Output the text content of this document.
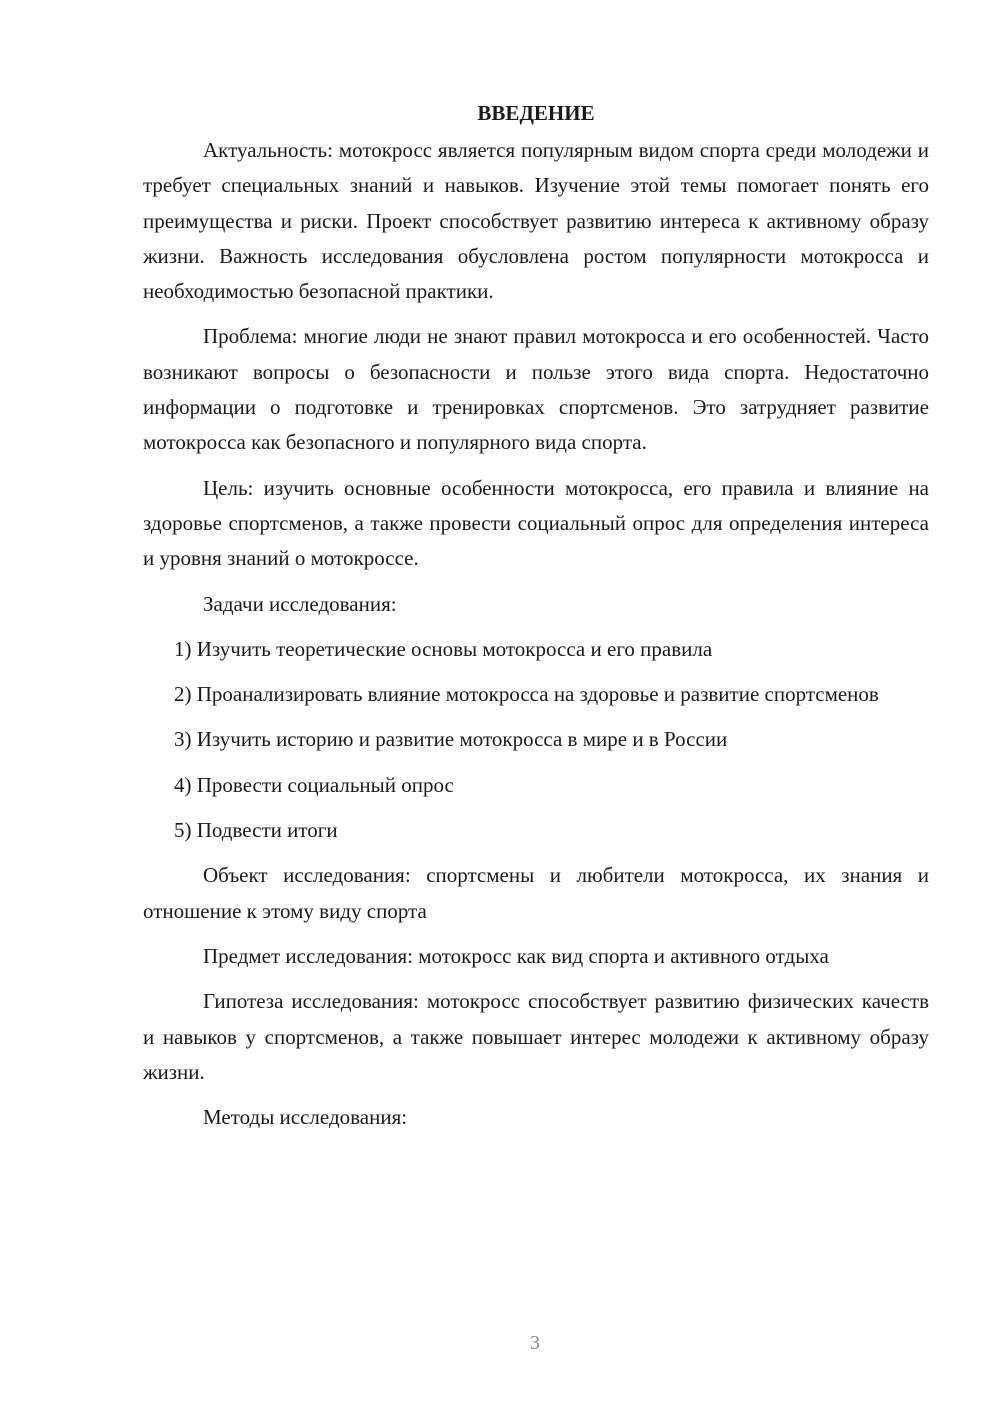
ВВЕДЕНИЕ

Актуальность: мотокросс является популярным видом спорта среди молодежи и требует специальных знаний и навыков. Изучение этой темы помогает понять его преимущества и риски. Проект способствует развитию интереса к активному образу жизни. Важность исследования обусловлена ростом популярности мотокросса и необходимостью безопасной практики.

Проблема: многие люди не знают правил мотокросса и его особенностей. Часто возникают вопросы о безопасности и пользе этого вида спорта. Недостаточно информации о подготовке и тренировках спортсменов. Это затрудняет развитие мотокросса как безопасного и популярного вида спорта.

Цель: изучить основные особенности мотокросса, его правила и влияние на здоровье спортсменов, а также провести социальный опрос для определения интереса и уровня знаний о мотокроссе.

Задачи исследования:

1) Изучить теоретические основы мотокросса и его правила

2) Проанализировать влияние мотокросса на здоровье и развитие спортсменов

3) Изучить историю и развитие мотокросса в мире и в России

4) Провести социальный опрос

5) Подвести итоги

Объект исследования: спортсмены и любители мотокросса, их знания и отношение к этому виду спорта

Предмет исследования: мотокросс как вид спорта и активного отдыха

Гипотеза исследования: мотокросс способствует развитию физических качеств и навыков у спортсменов, а также повышает интерес молодежи к активному образу жизни.

Методы исследования:

3
